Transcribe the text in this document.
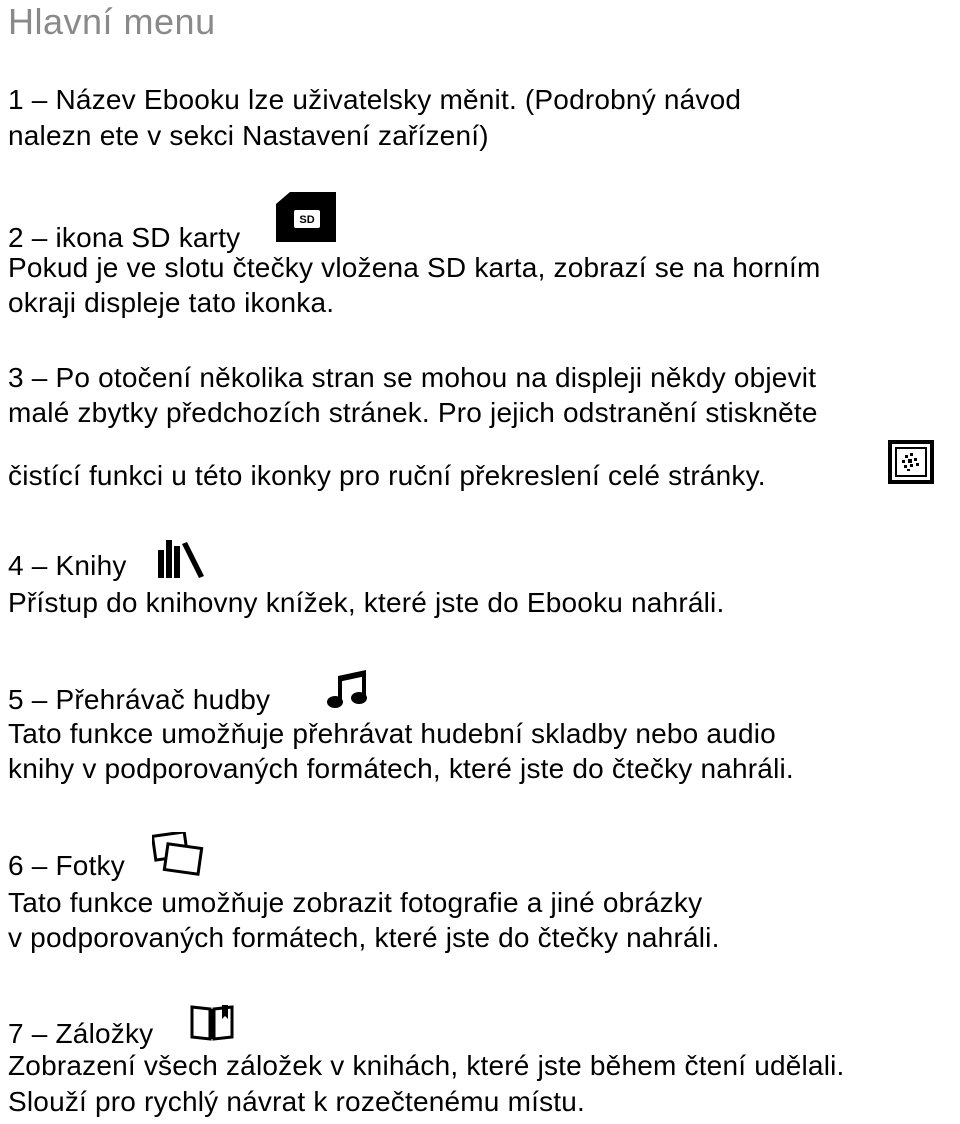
Hlavní menu
1 – Název Ebooku lze uživatelsky měnit. (Podrobný návod
nalezn ete v sekci Nastavení zařízení)
2 – ikona SD karty
SD
Pokud je ve slotu čtečky vložena SD karta, zobrazí se na horním
okraji displeje tato ikonka.
3 – Po otočení několika stran se mohou na displeji někdy objevit
malé zbytky předchozích stránek. Pro jejich odstranění stiskněte
čistící funkci u této ikonky pro ruční překreslení celé stránky.
4 – Knihy
Přístup do knihovny knížek, které jste do Ebooku nahráli.
5 – Přehrávač hudby
Tato funkce umožňuje přehrávat hudební skladby nebo audio
knihy v podporovaných formátech, které jste do čtečky nahráli.
6 – Fotky
Tato funkce umožňuje zobrazit fotografie a jiné obrázky
v podporovaných formátech, které jste do čtečky nahráli.
7 – Záložky
Zobrazení všech záložek v knihách, které jste během čtení udělali.
Slouží pro rychlý návrat k rozečtenému místu.
